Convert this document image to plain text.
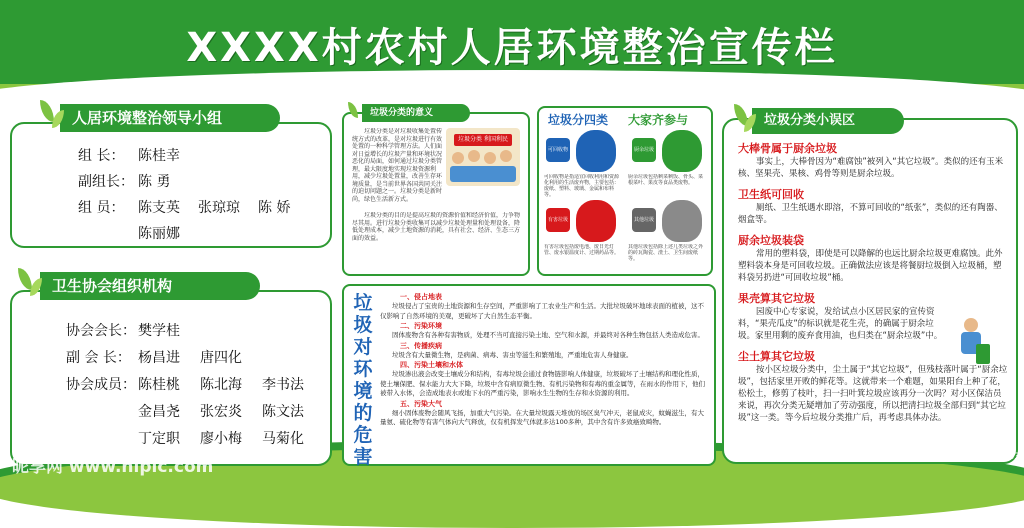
XXXX村农村人居环境整治宣传栏
人居环境整治领导小组
组 长： 陈桂幸
副组长： 陈 勇
组 员： 陈支英 张琼琼 陈 娇
陈丽娜
卫生协会组织机构
协会会长： 樊学桂
副 会 长： 杨昌进 唐四化
协会成员： 陈桂桃 陈北海 李书法
金昌尧 张宏炎 陈文法
丁定职 廖小梅 马菊化
垃圾分类的意义
垃圾分类是对垃圾收集处置传统方式的改革，是对垃圾进行有效处置的一种科学管理方法。人们面对日益增长的垃圾产量和环境状况恶化的局面，如何通过垃圾分类管理，最大限度地实现垃圾资源利用，减少垃圾处置量，改善生存环境质量，是当前世界各国共同关注的迫切问题之一。垃圾分类是新时尚，绿色生活新方式。
垃圾分类 利国利民
垃圾分类的目的是提高垃圾的资源价值和经济价值，力争物尽其用。进行垃圾分类收集可以减少垃圾处理量和处理设备，降低处理成本，减少土地资源的消耗，具有社会、经济、生态三方面的效益。
垃圾分四类 大家齐参与
可回收物
可回收物是指适宜回收利用和资源化利用的生活废弃物，主要包括：废纸、塑料、玻璃、金属和布料等。
厨余垃圾
厨余垃圾包括剩菜剩饭、骨头、菜根菜叶、果皮等食品类废物。
有害垃圾
有害垃圾包括废电池、废日光灯管、废水银温度计、过期药品等。
其他垃圾
其他垃圾包括除上述几类垃圾之外的砖瓦陶瓷、渣土、卫生间废纸等。
垃
圾
对
环
境
的
危
害
一、侵占地表
垃圾侵占了宝贵的土地资源和生存空间，严重影响了工农业生产和生活。大批垃圾破坏地球表面的植被，这不仅影响了自然环境的美观，更破坏了大自然生态平衡。
二、污染环境
固体废物含有各种有害物质，处理不当可直接污染土地、空气和水源，并最终对各种生物包括人类造成危害。
三、传播疾病
垃圾含有大量微生物，是病菌、病毒、害虫等滋生和繁殖地，严重地危害人身健康。
四、污染土壤和水体
垃圾渗出液会改变土壤成分和结构，有毒垃圾会通过食物链影响人体健康，垃圾破坏了土壤结构和理化性质，使土壤保肥、保水能力大大下降，垃圾中含有病原微生物、有机污染物和有毒的重金属等，在雨水的作用下，他们被带入水体，会造成地表水或地下水的严重污染，影响水生生物的生存和水资源的利用。
五、污染大气
细小固体废物会随风飞扬，加重大气污染。在大量垃圾露天堆放的场区臭气冲天，老鼠成灾，蚊蝇滋生，有大量氨、硫化物等有害气体向大气释放，仅有机挥发气体就多达100多种，其中含有许多致癌致畸物。
垃圾分类小误区
大棒骨属于厨余垃圾
事实上，大棒骨因为“难腐蚀”被列入“其它垃圾”。类似的还有玉米核、坚果壳、果核、鸡骨等则是厨余垃圾。
卫生纸可回收
厕纸、卫生纸遇水即溶，不算可回收的“纸张”，类似的还有陶器、烟盒等。
厨余垃圾装袋
常用的塑料袋，即使是可以降解的也远比厨余垃圾更难腐蚀。此外塑料袋本身是可回收垃圾。正确做法应该是将餐厨垃圾倒入垃圾桶，塑料袋另扔进“可回收垃圾”桶。
果壳算其它垃圾
园废中心专家说，发给试点小区居民家的宣传资料，“果壳瓜皮”的标识就是花生壳，的确属于厨余垃圾。家里用剩的废弃食用油，也归类在“厨余垃圾”中。
尘土算其它垃圾
按小区垃圾分类中，尘土属于“其它垃圾”，但残枝落叶属于“厨余垃圾”，包括家里开败的鲜花等。这就带来一个难题，如果阳台上种了花，松松土，修剪了枝叶，扫一扫叶箕垃圾应该再分一次吗？对小区保洁员来说，再次分类无疑增加了劳动强度，所以把清扫垃圾全部归到“其它垃圾”这一类。等今后垃圾分类推广后，再考虑具体办法。
昵享网 www.nipic.com	ID:10883226 NO:20201030150403138083
